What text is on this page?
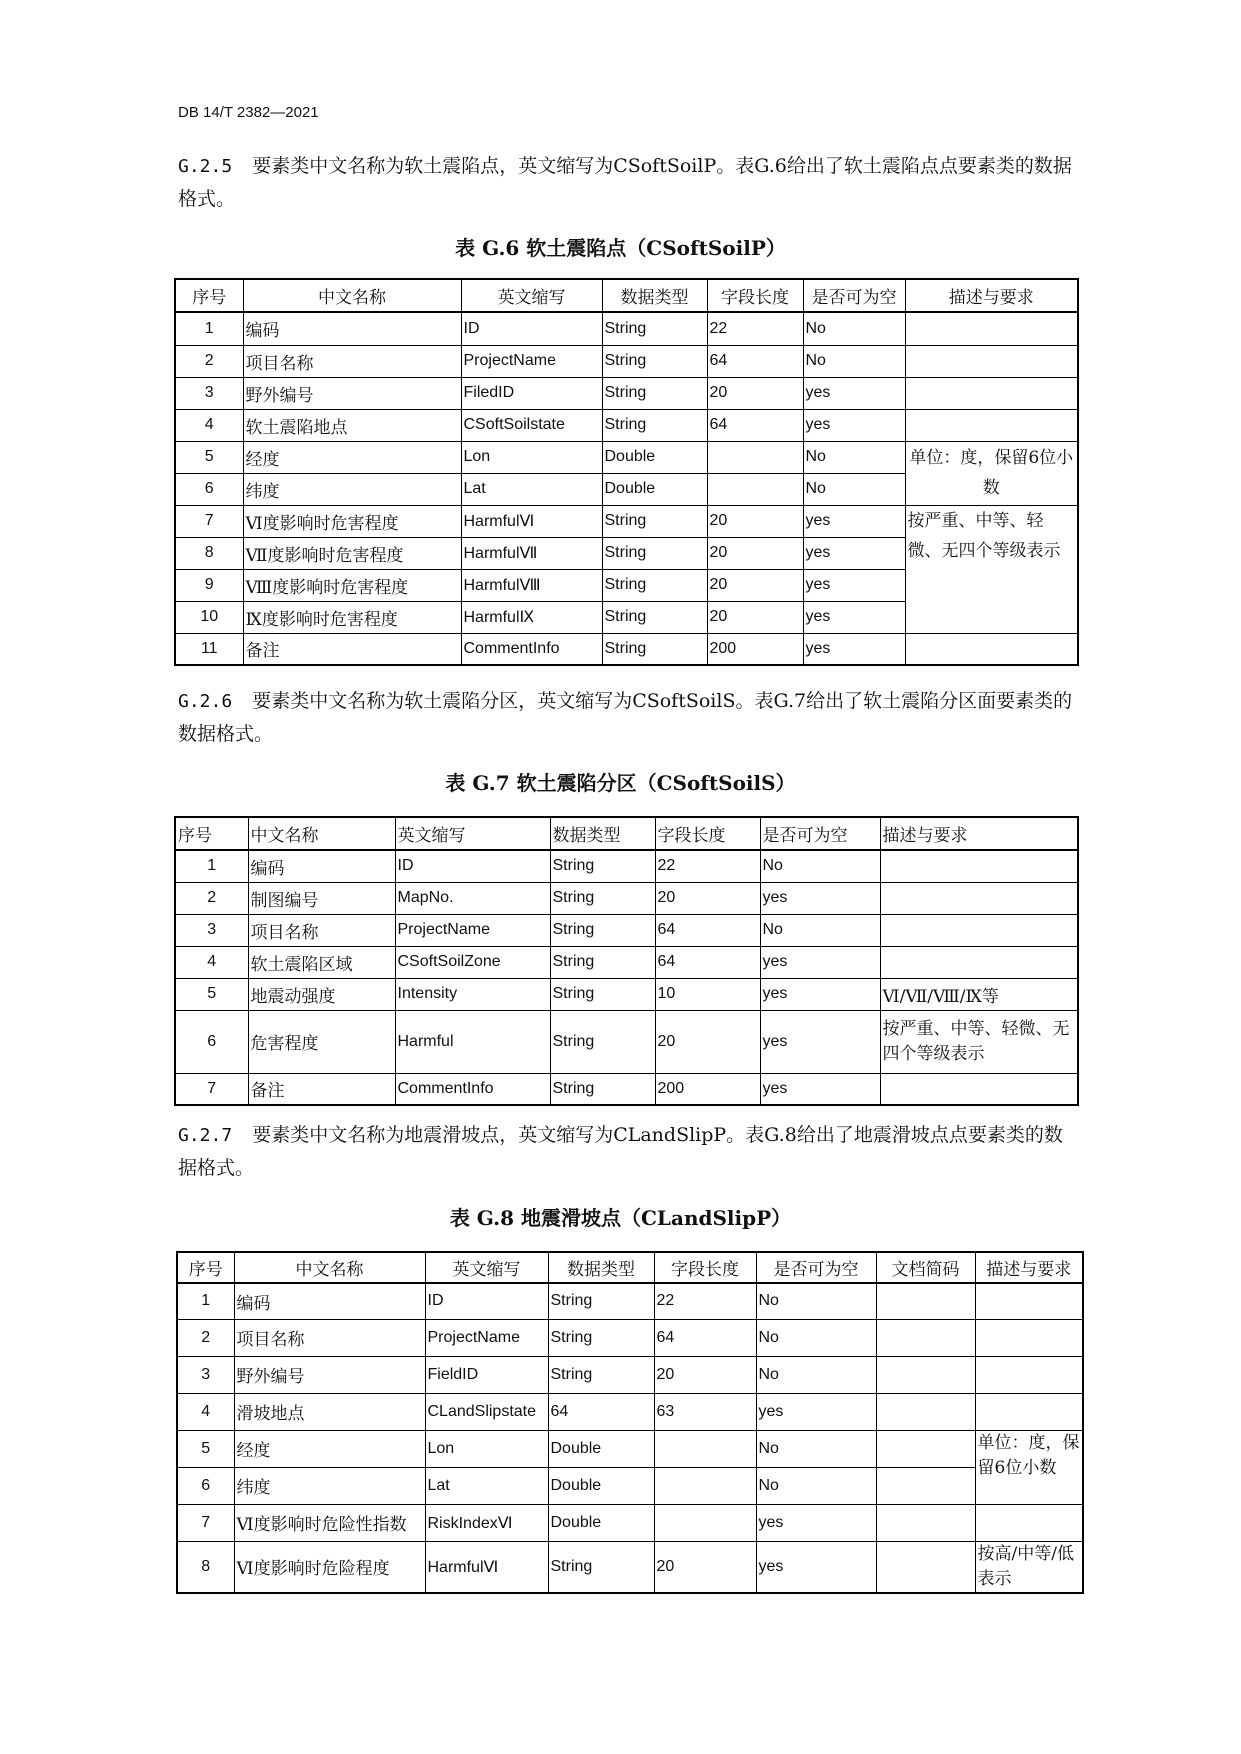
DB 14/T 2382—2021
G.2.5 要素类中文名称为软土震陷点，英文缩写为CSoftSoilP。表G.6给出了软土震陷点点要素类的数据格式。
表 G.6 软土震陷点（CSoftSoilP）
序号	中文名称	英文缩写	数据类型	字段长度	是否可为空	描述与要求
1	编码	ID	String	22	No	
2	项目名称	ProjectName	String	64	No	
3	野外编号	FiledID	String	20	yes	
4	软土震陷地点	CSoftSoilstate	String	64	yes	
5	经度	Lon	Double		No	单位：度，保留6位小数
6	纬度	Lat	Double		No	
7	Ⅵ度影响时危害程度	HarmfulⅥ	String	20	yes	按严重、中等、轻微、无四个等级表示
8	Ⅶ度影响时危害程度	HarmfulⅦ	String	20	yes	
9	Ⅷ度影响时危害程度	HarmfulⅧ	String	20	yes	
10	Ⅸ度影响时危害程度	HarmfulⅨ	String	20	yes	
11	备注	CommentInfo	String	200	yes	
G.2.6 要素类中文名称为软土震陷分区，英文缩写为CSoftSoilS。表G.7给出了软土震陷分区面要素类的数据格式。
表 G.7 软土震陷分区（CSoftSoilS）
序号	中文名称	英文缩写	数据类型	字段长度	是否可为空	描述与要求
1	编码	ID	String	22	No	
2	制图编号	MapNo.	String	20	yes	
3	项目名称	ProjectName	String	64	No	
4	软土震陷区域	CSoftSoilZone	String	64	yes	
5	地震动强度	Intensity	String	10	yes	Ⅵ/Ⅶ/Ⅷ/Ⅸ等
6	危害程度	Harmful	String	20	yes	按严重、中等、轻微、无四个等级表示
7	备注	CommentInfo	String	200	yes	
G.2.7 要素类中文名称为地震滑坡点，英文缩写为CLandSlipP。表G.8给出了地震滑坡点点要素类的数据格式。
表 G.8 地震滑坡点（CLandSlipP）
序号	中文名称	英文缩写	数据类型	字段长度	是否可为空	文档简码	描述与要求
1	编码	ID	String	22	No		
2	项目名称	ProjectName	String	64	No		
3	野外编号	FieldID	String	20	No		
4	滑坡地点	CLandSlipstate	64	63	yes		
5	经度	Lon	Double		No		单位：度，保留6位小数
6	纬度	Lat	Double		No		
7	Ⅵ度影响时危险性指数	RiskIndexⅥ	Double		yes		
8	Ⅵ度影响时危险程度	HarmfulⅥ	String	20	yes		按高/中等/低表示
